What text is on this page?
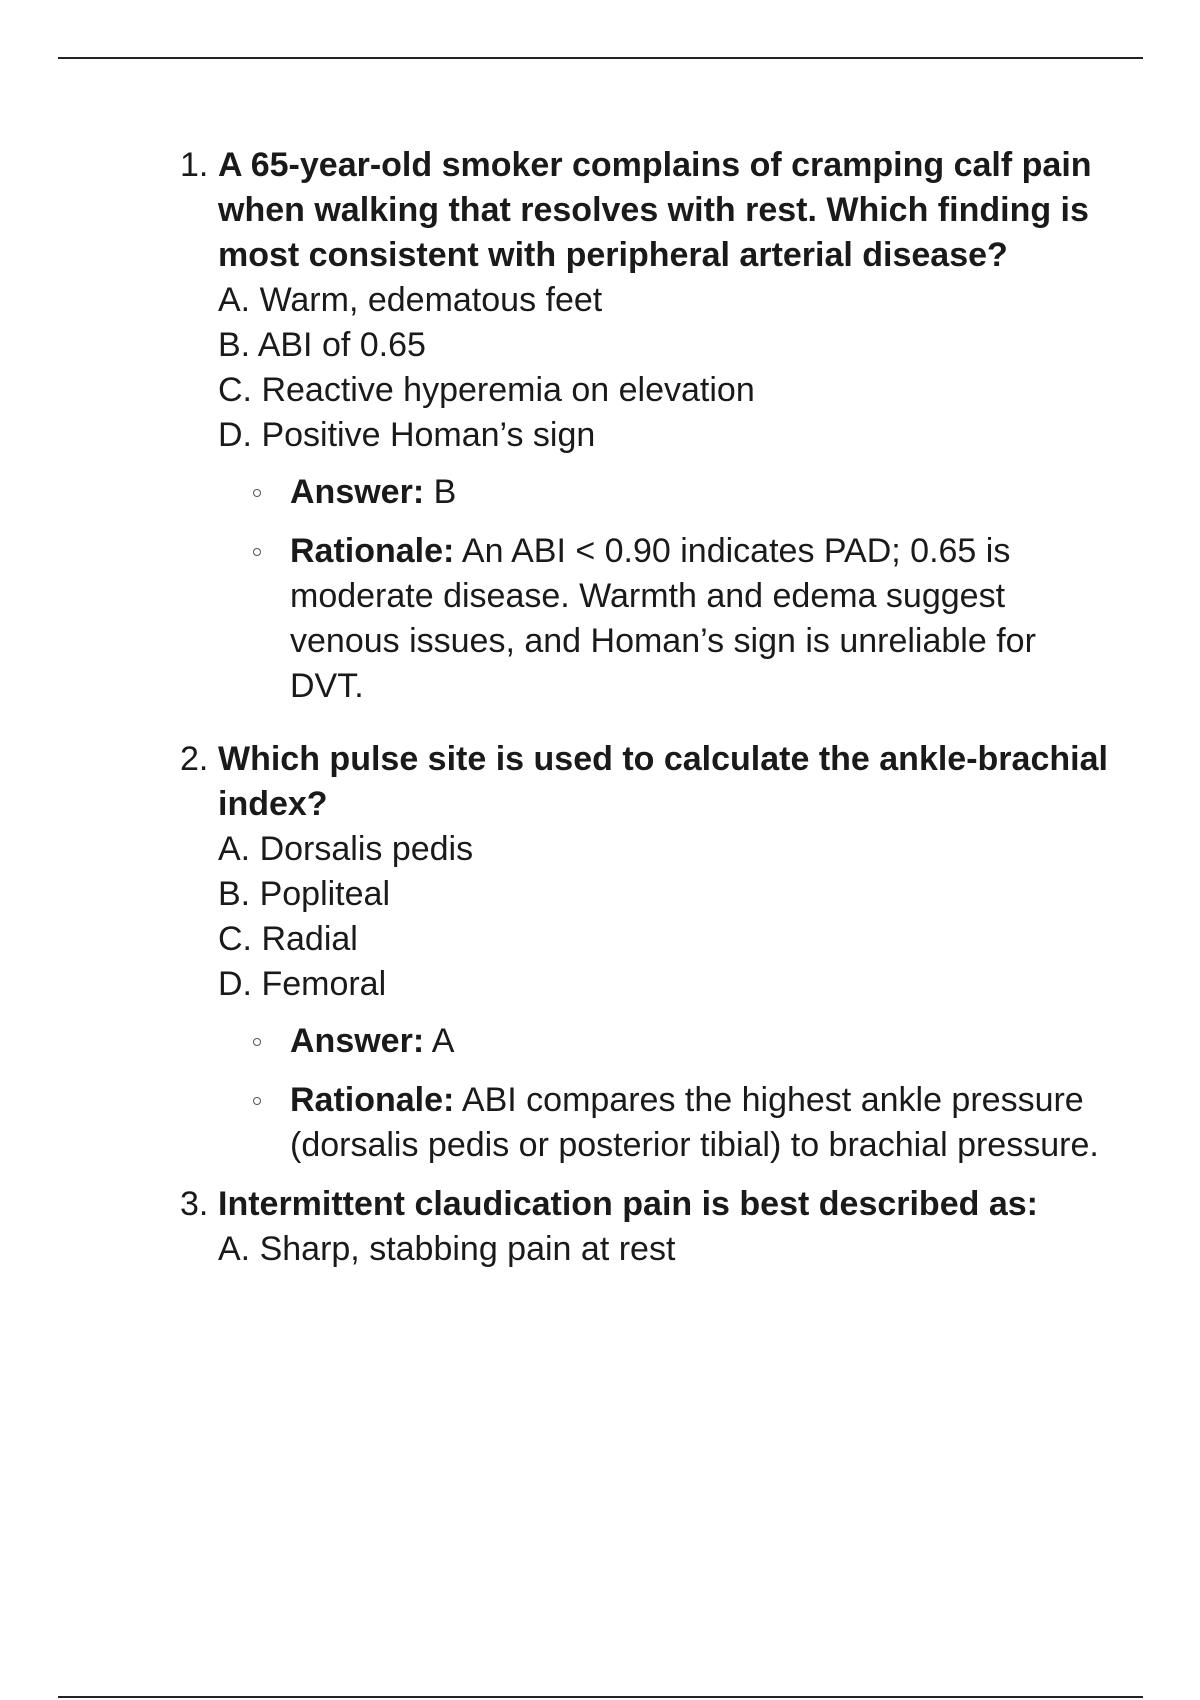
1. A 65-year-old smoker complains of cramping calf pain when walking that resolves with rest. Which finding is most consistent with peripheral arterial disease?

A. Warm, edematous feet
B. ABI of 0.65
C. Reactive hyperemia on elevation
D. Positive Homan’s sign
Answer: B
Rationale: An ABI < 0.90 indicates PAD; 0.65 is moderate disease. Warmth and edema suggest venous issues, and Homan’s sign is unreliable for DVT.
2. Which pulse site is used to calculate the ankle-brachial index?

A. Dorsalis pedis
B. Popliteal
C. Radial
D. Femoral
Answer: A
Rationale: ABI compares the highest ankle pressure (dorsalis pedis or posterior tibial) to brachial pressure.
3. Intermittent claudication pain is best described as:

A. Sharp, stabbing pain at rest
